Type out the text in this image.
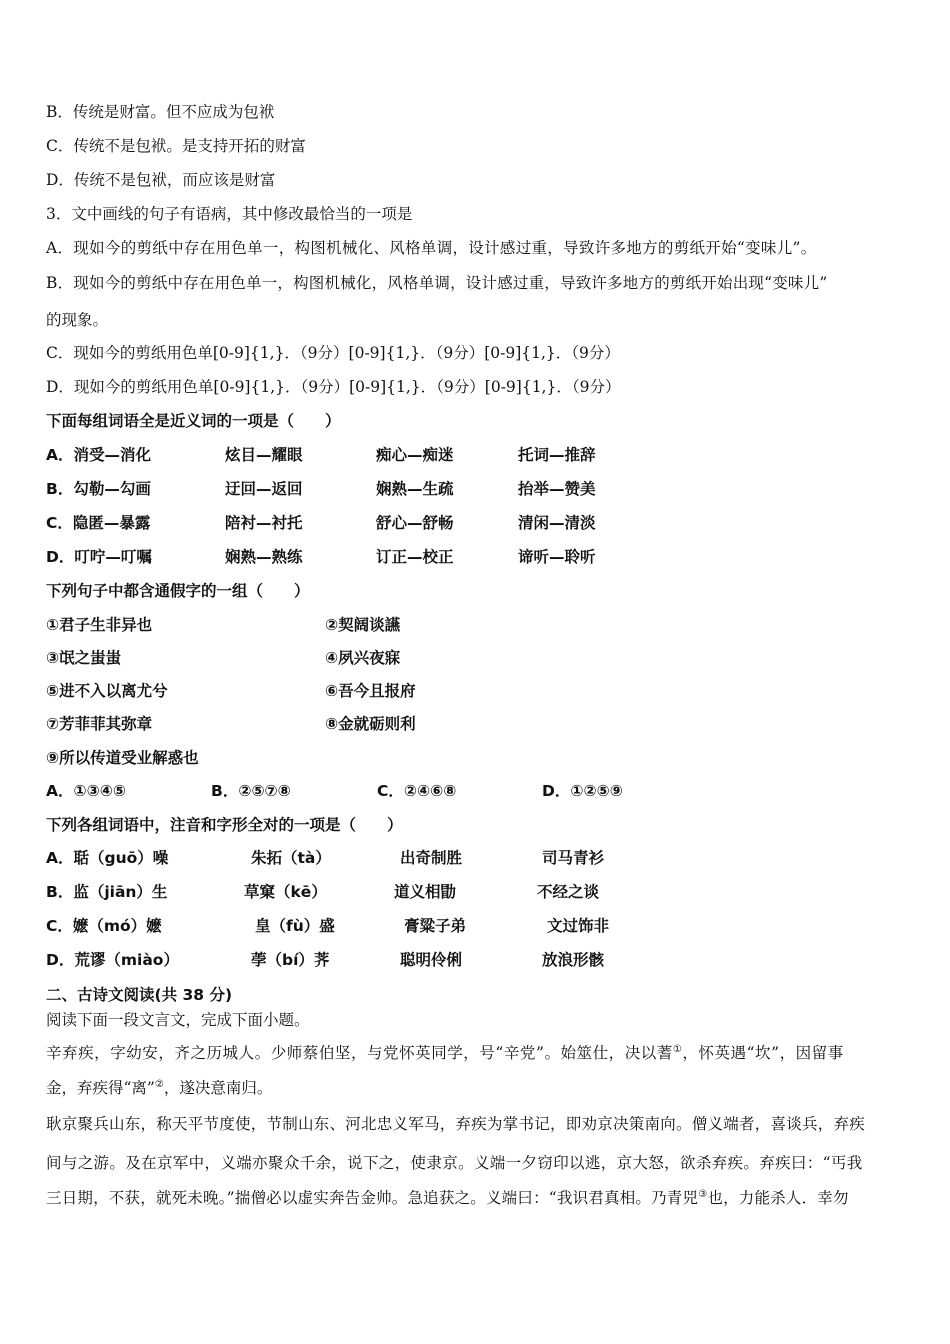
B．传统是财富。但不应成为包袱
C．传统不是包袱。是支持开拓的财富
D．传统不是包袱，而应该是财富
3．文中画线的句子有语病，其中修改最恰当的一项是
A．现如今的剪纸中存在用色单一，构图机械化、风格单调，设计感过重，导致许多地方的剪纸开始“变味儿”。
B．现如今的剪纸中存在用色单一，构图机械化，风格单调，设计感过重，导致许多地方的剪纸开始出现“变味儿”
的现象。
C．现如今的剪纸用色单[0-9]{1,}．（9分）[0-9]{1,}．（9分）[0-9]{1,}．（9分）
D．现如今的剪纸用色单[0-9]{1,}．（9分）[0-9]{1,}．（9分）[0-9]{1,}．（9分）
下面每组词语全是近义词的一项是（　　）
A．消受—消化	炫目—耀眼	痴心—痴迷	托词—推辞
B．勾勒—勾画	迂回—返回	娴熟—生疏	抬举—赞美
C．隐匿—暴露	陪衬—衬托	舒心—舒畅	清闲—清淡
D．叮咛—叮嘱	娴熟—熟练	订正—校正	谛听—聆听
下列句子中都含通假字的一组（　　）
①君子生非异也	②契阔谈讌
③氓之蚩蚩	④夙兴夜寐
⑤进不入以离尤兮	⑥吾今且报府
⑦芳菲菲其弥章	⑧金就砺则利
⑨所以传道受业解惑也
A．①③④⑤	B．②⑤⑦⑧	C．②④⑥⑧	D．①②⑤⑨
下列各组词语中，注音和字形全对的一项是（　　）
A．聒（guō）噪	朱拓（tà）	出奇制胜	司马青衫
B．监（jiān）生	草窠（kē）	道义相勖	不经之谈
C．嬷（mó）嬷	皇（fù）盛	膏粱子弟	文过饰非
D．荒谬（miào）	荸（bí）荠	聪明伶俐	放浪形骸
二、古诗文阅读(共 38 分)
阅读下面一段文言文，完成下面小题。
辛弃疾，字幼安，齐之历城人。少师蔡伯坚，与党怀英同学，号“辛党”。始筮仕，决以蓍①，怀英遇“坎”，因留事
金，弃疾得“离”②，遂决意南归。
耿京聚兵山东，称天平节度使，节制山东、河北忠义军马，弃疾为掌书记，即劝京决策南向。僧义端者，喜谈兵，弃疾
间与之游。及在京军中，义端亦聚众千余，说下之，使隶京。义端一夕窃印以逃，京大怒，欲杀弃疾。弃疾曰：“丐我
三日期，不获，就死未晚。”揣僧必以虚实奔告金帅。急追获之。义端曰：“我识君真相。乃青兕③也，力能杀人．幸勿
